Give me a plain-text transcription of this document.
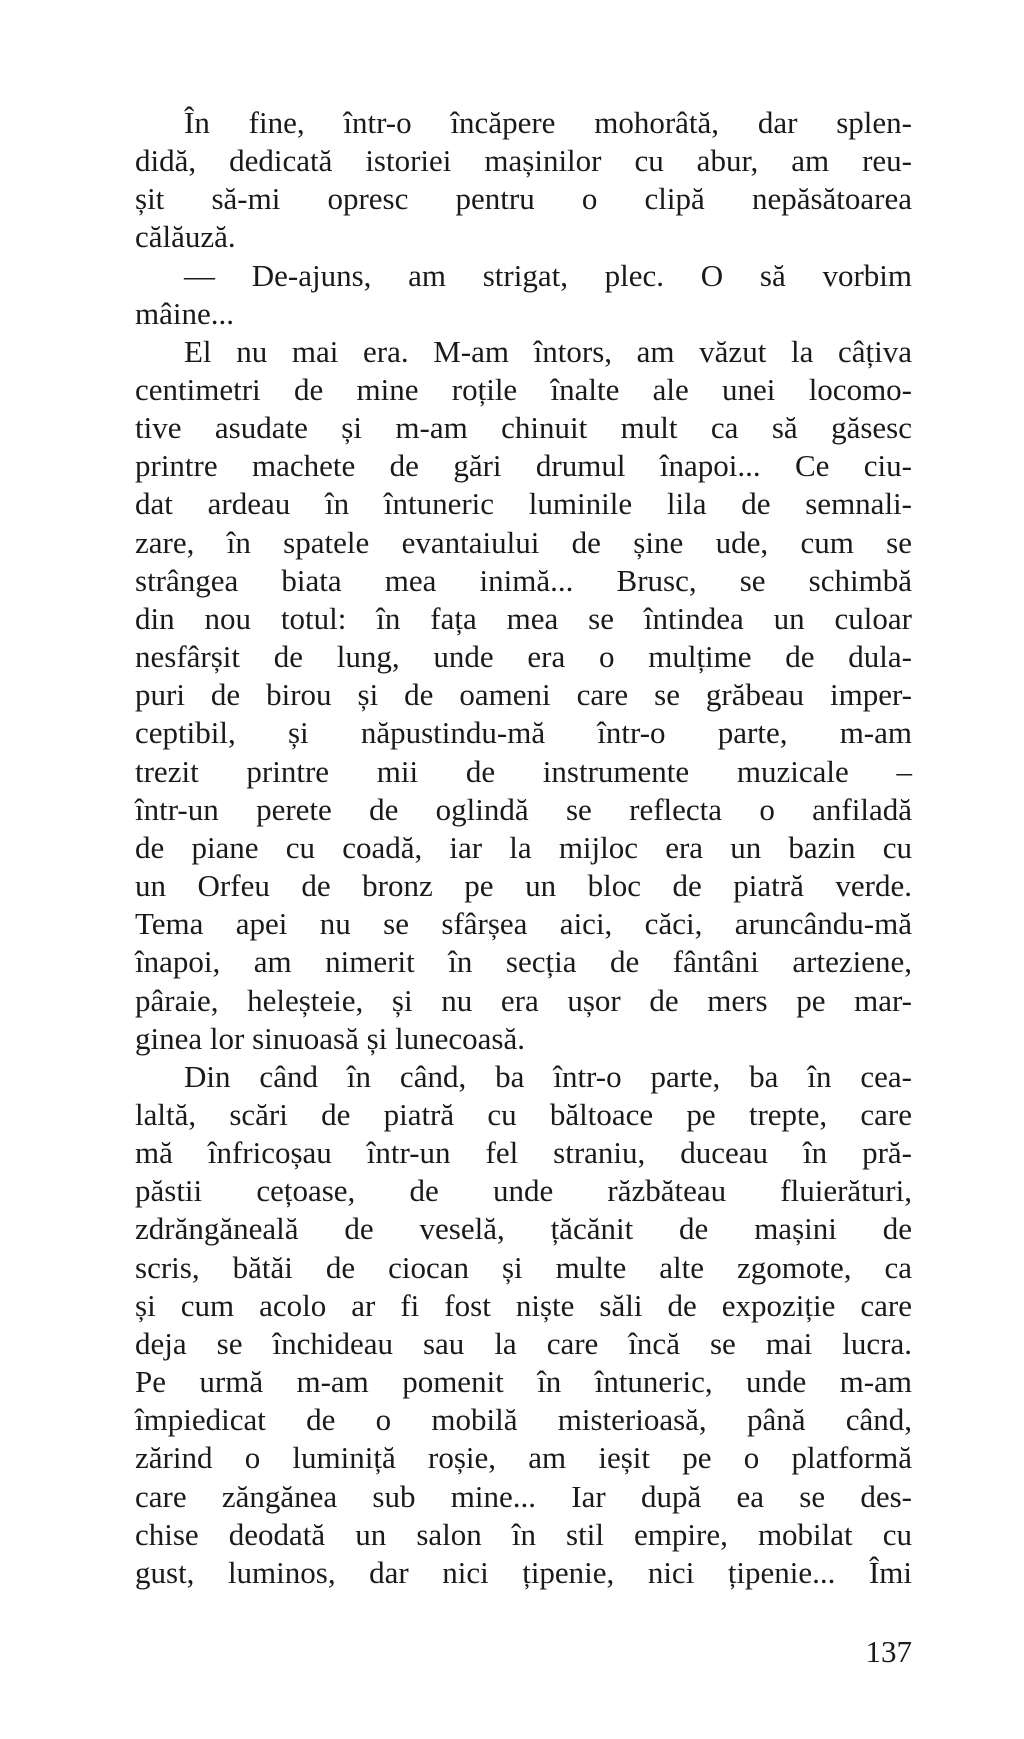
În fine, într-o încăpere mohorâtă, dar splen-
didă, dedicată istoriei mașinilor cu abur, am reu-
șit să-mi opresc pentru o clipă nepăsătoarea
călăuză.
— De-ajuns, am strigat, plec. O să vorbim
mâine...
El nu mai era. M-am întors, am văzut la câțiva
centimetri de mine roțile înalte ale unei locomo-
tive asudate și m-am chinuit mult ca să găsesc
printre machete de gări drumul înapoi... Ce ciu-
dat ardeau în întuneric luminile lila de semnali-
zare, în spatele evantaiului de șine ude, cum se
strângea biata mea inimă... Brusc, se schimbă
din nou totul: în fața mea se întindea un culoar
nesfârșit de lung, unde era o mulțime de dula-
puri de birou și de oameni care se grăbeau imper-
ceptibil, și năpustindu-mă într-o parte, m-am
trezit printre mii de instrumente muzicale –
într-un perete de oglindă se reflecta o anfiladă
de piane cu coadă, iar la mijloc era un bazin cu
un Orfeu de bronz pe un bloc de piatră verde.
Tema apei nu se sfârșea aici, căci, aruncându-mă
înapoi, am nimerit în secția de fântâni arteziene,
pâraie, heleșteie, și nu era ușor de mers pe mar-
ginea lor sinuoasă și lunecoasă.
Din când în când, ba într-o parte, ba în cea-
laltă, scări de piatră cu băltoace pe trepte, care
mă înfricoșau într-un fel straniu, duceau în pră-
păstii cețoase, de unde răzbăteau fluierături,
zdrăngăneală de veselă, țăcănit de mașini de
scris, bătăi de ciocan și multe alte zgomote, ca
și cum acolo ar fi fost niște săli de expoziție care
deja se închideau sau la care încă se mai lucra.
Pe urmă m-am pomenit în întuneric, unde m-am
împiedicat de o mobilă misterioasă, până când,
zărind o luminiță roșie, am ieșit pe o platformă
care zăngănea sub mine... Iar după ea se des-
chise deodată un salon în stil empire, mobilat cu
gust, luminos, dar nici țipenie, nici țipenie... Îmi
137
